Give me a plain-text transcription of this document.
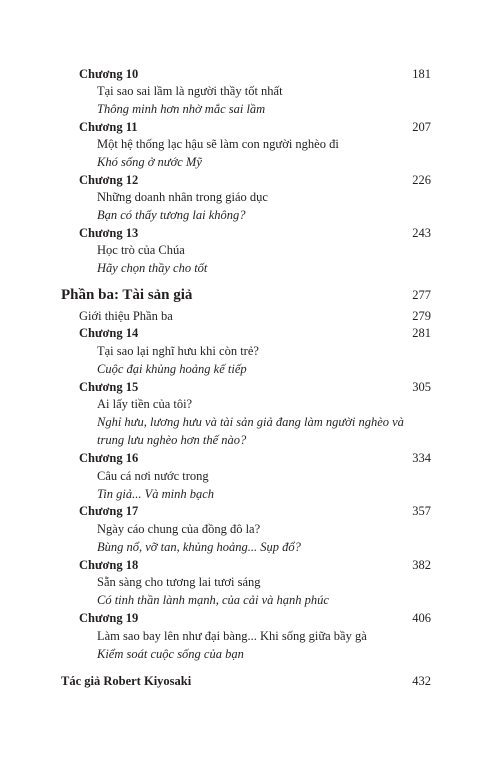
Chương 10	181
Tại sao sai lầm là người thầy tốt nhất
Thông minh hơn nhờ mắc sai lầm
Chương 11	207
Một hệ thống lạc hậu sẽ làm con người nghèo đi
Khó sống ở nước Mỹ
Chương 12	226
Những doanh nhân trong giáo dục
Bạn có thấy tương lai không?
Chương 13	243
Học trò của Chúa
Hãy chọn thầy cho tốt
Phần ba: Tài sản giả	277
Giới thiệu Phần ba	279
Chương 14	281
Tại sao lại nghĩ hưu khi còn trẻ?
Cuộc đại khủng hoảng kế tiếp
Chương 15	305
Ai lấy tiền của tôi?
Nghỉ hưu, lương hưu và tài sản giả đang làm người nghèo và
trung lưu nghèo hơn thế nào?
Chương 16	334
Câu cá nơi nước trong
Tin giả... Và minh bạch
Chương 17	357
Ngày cáo chung của đồng đô la?
Bùng nổ, vỡ tan, khủng hoảng... Sụp đổ?
Chương 18	382
Sẵn sàng cho tương lai tươi sáng
Có tinh thần lành mạnh, của cải và hạnh phúc
Chương 19	406
Làm sao bay lên như đại bàng... Khi sống giữa bầy gà
Kiểm soát cuộc sống của bạn
Tác giả Robert Kiyosaki	432
